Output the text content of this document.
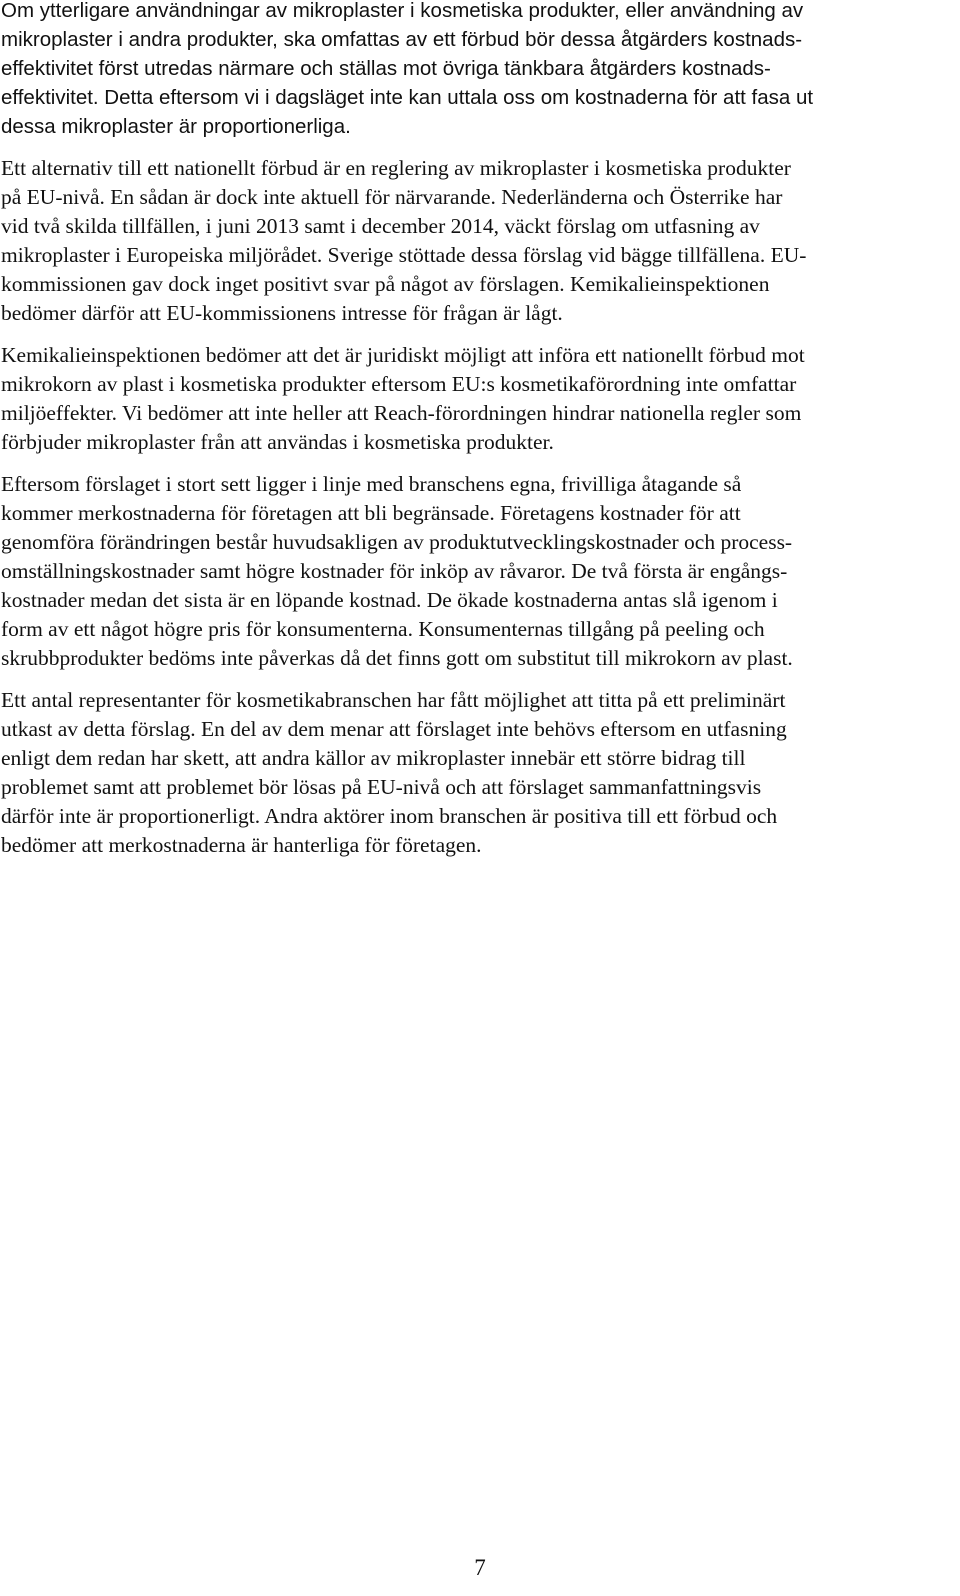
Om ytterligare användningar av mikroplaster i kosmetiska produkter, eller användning av
mikroplaster i andra produkter, ska omfattas av ett förbud bör dessa åtgärders kostnads-
effektivitet först utredas närmare och ställas mot övriga tänkbara åtgärders kostnads-
effektivitet. Detta eftersom vi i dagsläget inte kan uttala oss om kostnaderna för att fasa ut
dessa mikroplaster är proportionerliga.

Ett alternativ till ett nationellt förbud är en reglering av mikroplaster i kosmetiska produkter
på EU-nivå. En sådan är dock inte aktuell för närvarande. Nederländerna och Österrike har
vid två skilda tillfällen, i juni 2013 samt i december 2014, väckt förslag om utfasning av
mikroplaster i Europeiska miljörådet. Sverige stöttade dessa förslag vid bägge tillfällena. EU-
kommissionen gav dock inget positivt svar på något av förslagen. Kemikalieinspektionen
bedömer därför att EU-kommissionens intresse för frågan är lågt.

Kemikalieinspektionen bedömer att det är juridiskt möjligt att införa ett nationellt förbud mot
mikrokorn av plast i kosmetiska produkter eftersom EU:s kosmetikaförordning inte omfattar
miljöeffekter. Vi bedömer att inte heller att Reach-förordningen hindrar nationella regler som
förbjuder mikroplaster från att användas i kosmetiska produkter.

Eftersom förslaget i stort sett ligger i linje med branschens egna, frivilliga åtagande så
kommer merkostnaderna för företagen att bli begränsade. Företagens kostnader för att
genomföra förändringen består huvudsakligen av produktutvecklingskostnader och process-
omställningskostnader samt högre kostnader för inköp av råvaror. De två första är engångs-
kostnader medan det sista är en löpande kostnad. De ökade kostnaderna antas slå igenom i
form av ett något högre pris för konsumenterna. Konsumenternas tillgång på peeling och
skrubbprodukter bedöms inte påverkas då det finns gott om substitut till mikrokorn av plast.

Ett antal representanter för kosmetikabranschen har fått möjlighet att titta på ett preliminärt
utkast av detta förslag. En del av dem menar att förslaget inte behövs eftersom en utfasning
enligt dem redan har skett, att andra källor av mikroplaster innebär ett större bidrag till
problemet samt att problemet bör lösas på EU-nivå och att förslaget sammanfattningsvis
därför inte är proportionerligt. Andra aktörer inom branschen är positiva till ett förbud och
bedömer att merkostnaderna är hanterliga för företagen.

7
